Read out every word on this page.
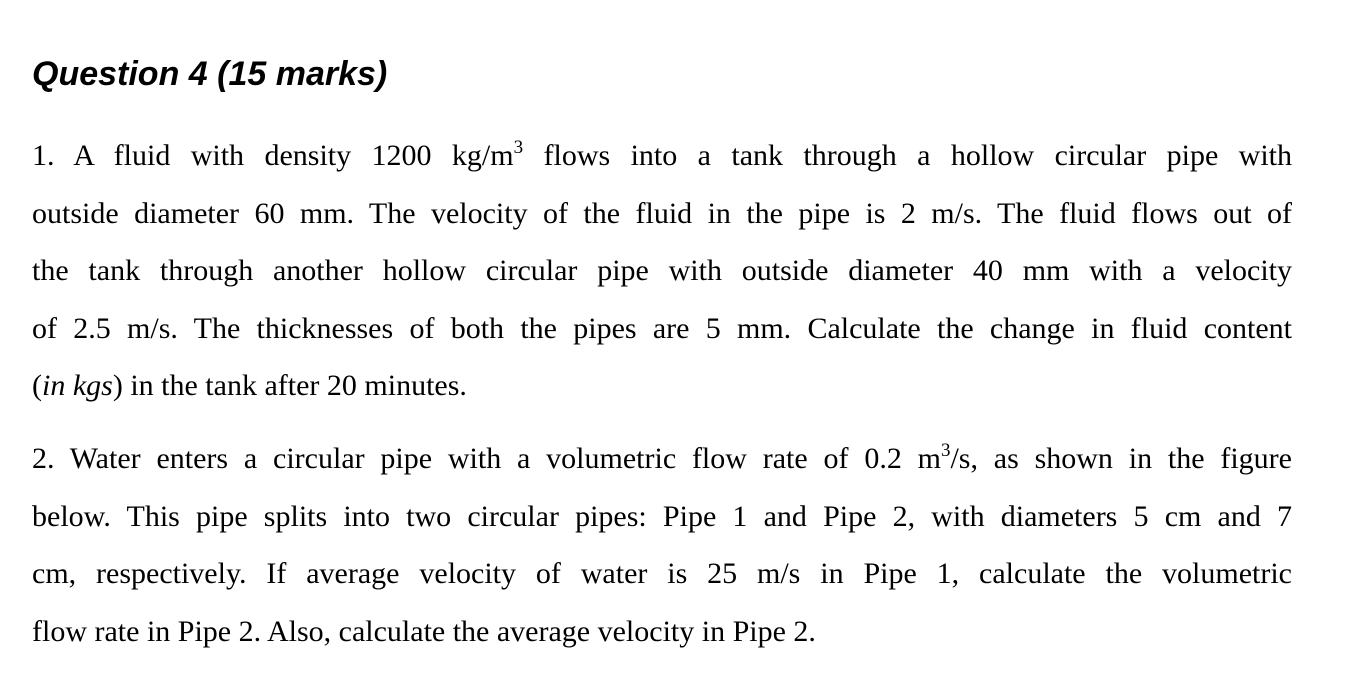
Question 4 (15 marks)
1. A fluid with density 1200 $kg/m^3$ flows into a tank through a hollow circular pipe with
outside diameter 60 mm. The velocity of the fluid in the pipe is 2 m/s. The fluid flows out of
the tank through another hollow circular pipe with outside diameter 40 mm with a velocity
of 2.5 m/s. The thicknesses of both the pipes are 5 mm. Calculate the change in fluid content
(in kgs) in the tank after 20 minutes.
2. Water enters a circular pipe with a volumetric flow rate of 0.2 $m^3/s$, as shown in the figure
below. This pipe splits into two circular pipes: Pipe 1 and Pipe 2, with diameters 5 cm and 7
cm, respectively. If average velocity of water is 25 m/s in Pipe 1, calculate the volumetric
flow rate in Pipe 2. Also, calculate the average velocity in Pipe 2.
